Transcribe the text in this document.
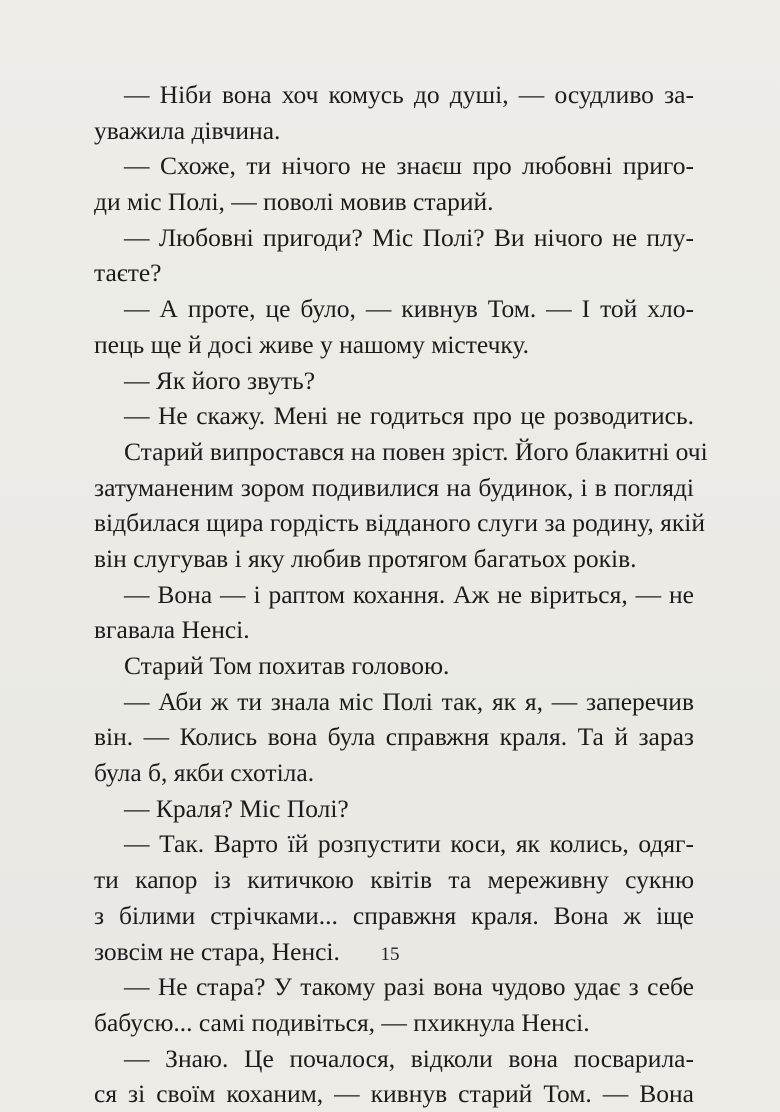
— Ніби вона хоч комусь до душі, — осудливо за-
уважила дівчина.
— Схоже, ти нічого не знаєш про любовні приго-
ди міс Полі, — поволі мовив старий.
— Любовні пригоди? Міс Полі? Ви нічого не плу-
таєте?
— А проте, це було, — кивнув Том. — І той хло-
пець ще й досі живе у нашому містечку.
— Як його звуть?
— Не скажу. Мені не годиться про це розводитись.
Старий випростався на повен зріст. Його блакитні очі
затуманеним зором подивилися на будинок, і в погляді
відбилася щира гордість відданого слуги за родину, якій
він слугував і яку любив протягом багатьох років.
— Вона — і раптом кохання. Аж не віриться, — не
вгавала Ненсі.
Старий Том похитав головою.
— Аби ж ти знала міс Полі так, як я, — заперечив
він. — Колись вона була справжня краля. Та й зараз
була б, якби схотіла.
— Краля? Міс Полі?
— Так. Варто їй розпустити коси, як колись, одяг-
ти капор із китичкою квітів та мереживну сукню
з білими стрічками... справжня краля. Вона ж іще
зовсім не стара, Ненсі.
— Не стара? У такому разі вона чудово удає з себе
бабусю... самі подивіться, — пхикнула Ненсі.
— Знаю. Це почалося, відколи вона посварила-
ся зі своїм коханим, — кивнув старий Том. — Вона
15
